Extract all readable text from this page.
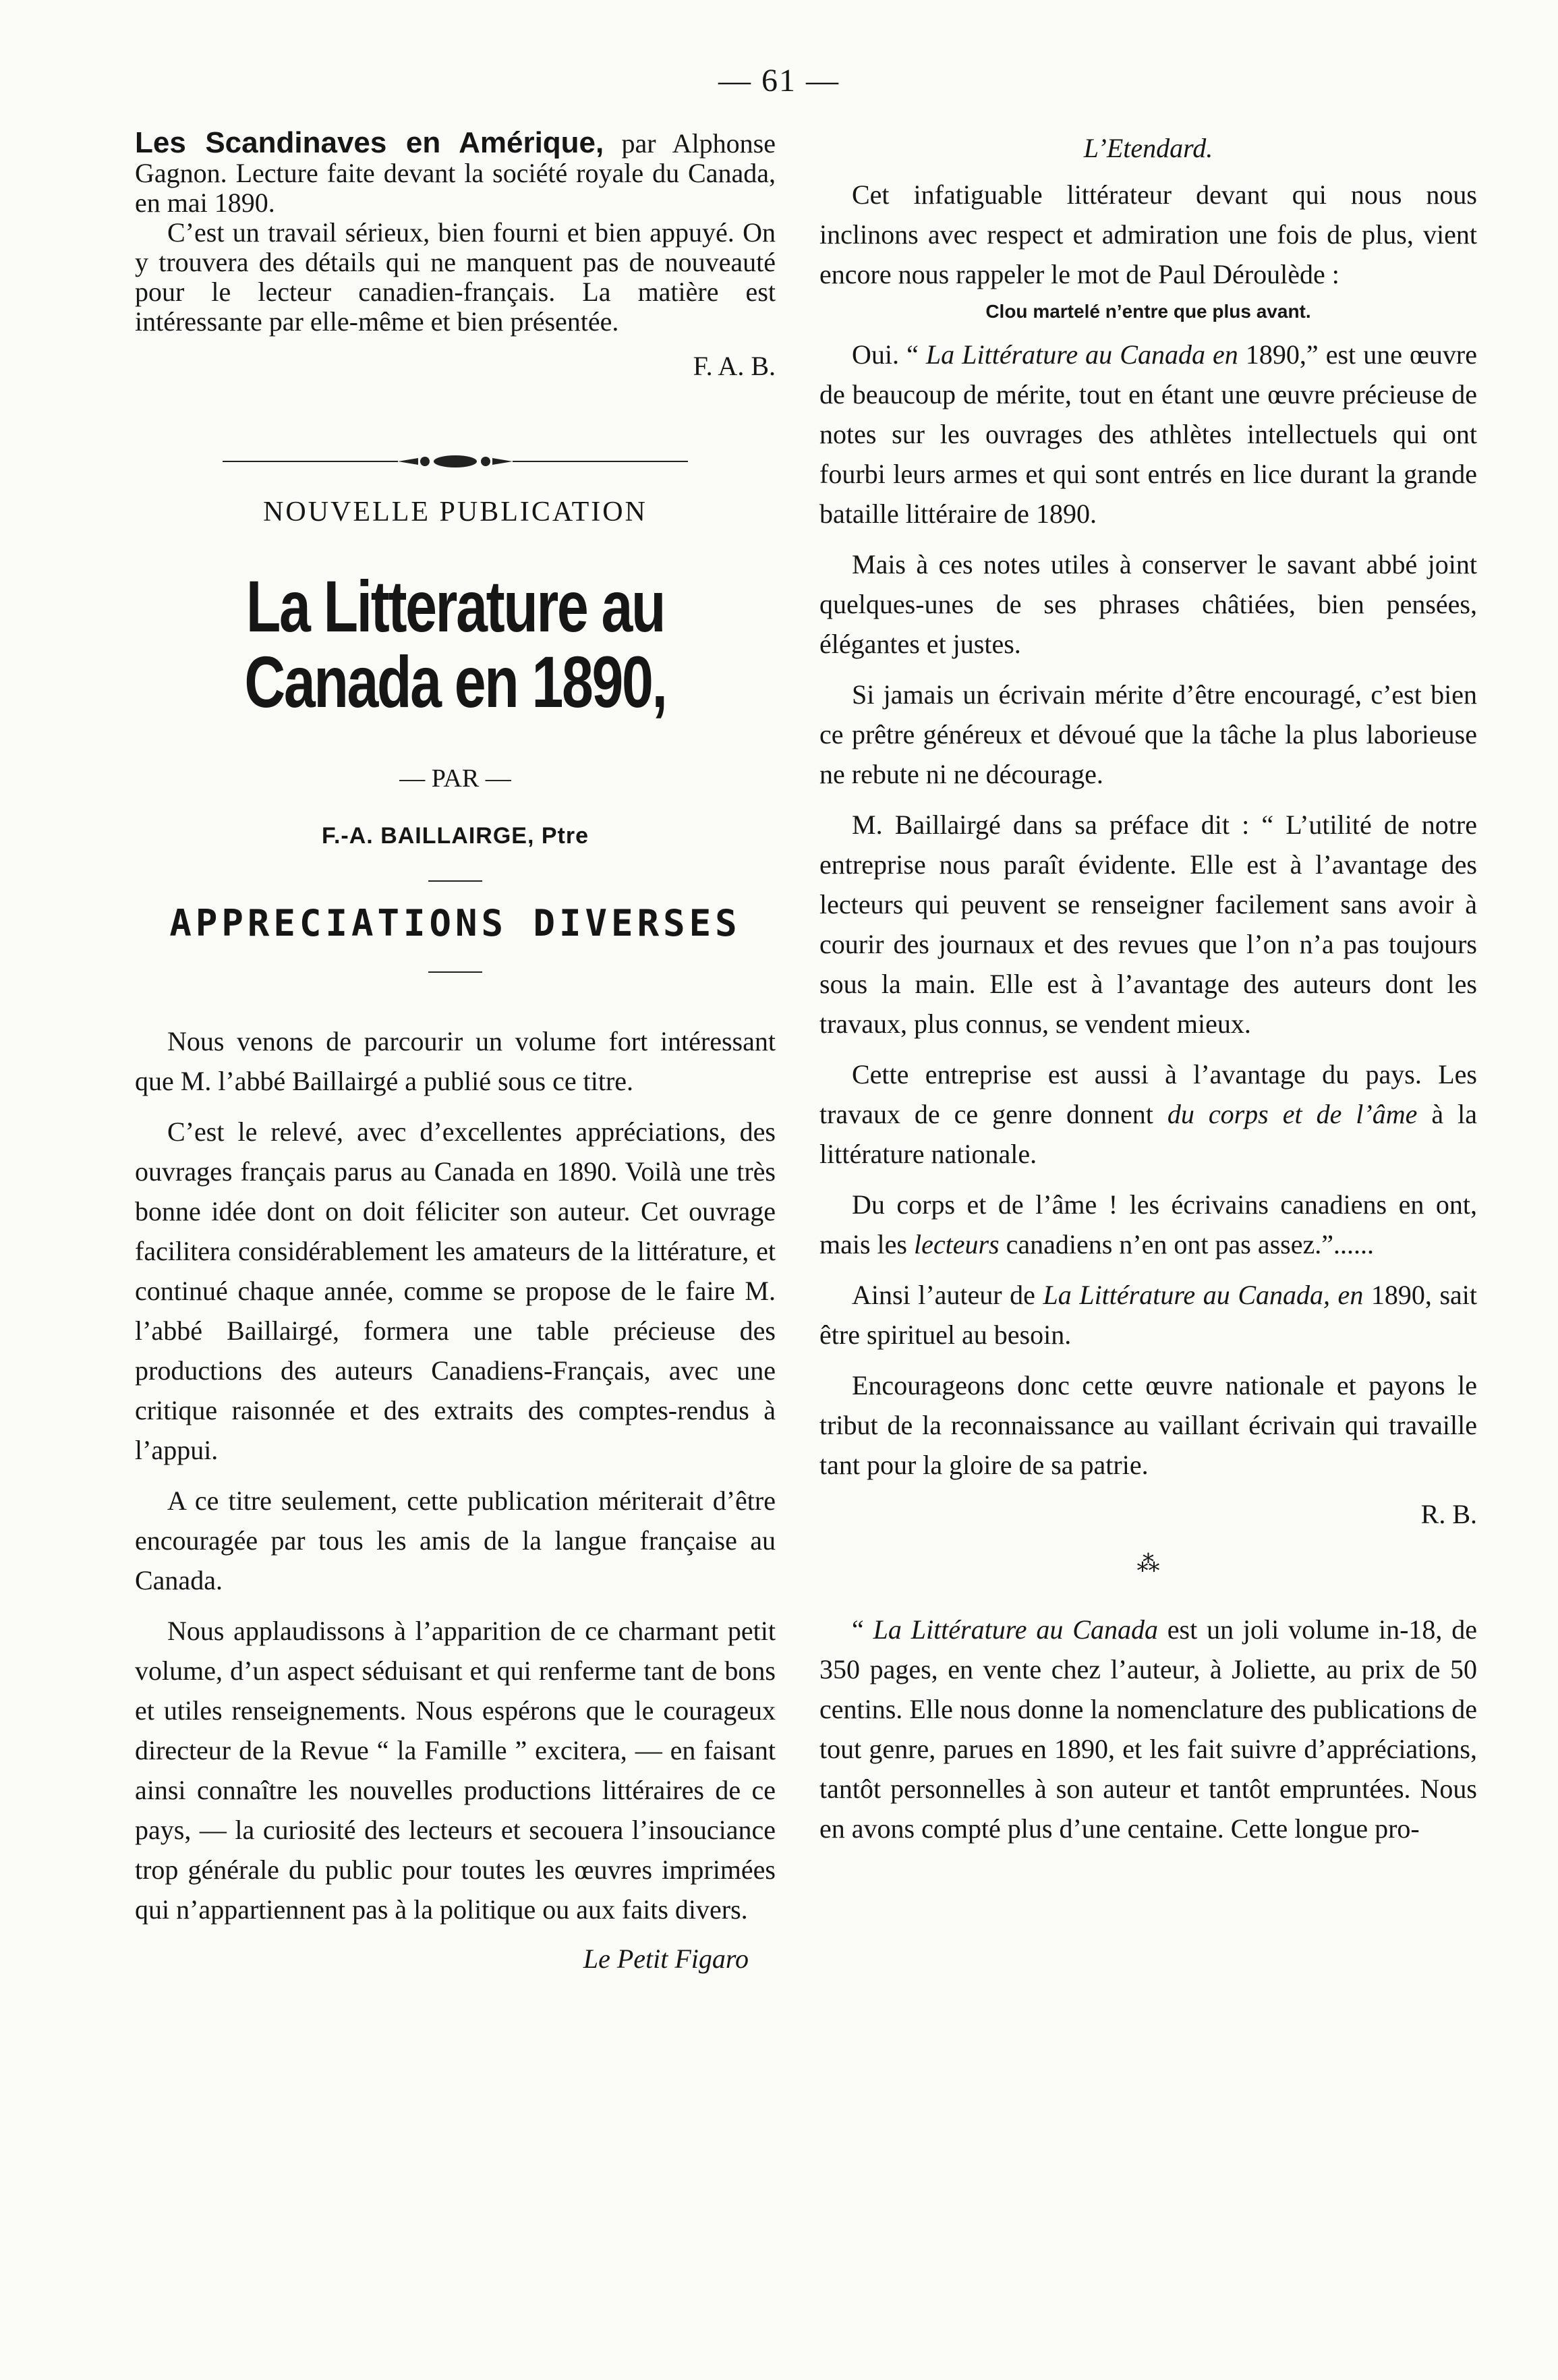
— 61 —

Les Scandinaves en Amérique, par Alphonse Gagnon. Lecture faite devant la société royale du Canada, en mai 1890.

C’est un travail sérieux, bien fourni et bien appuyé. On y trouvera des détails qui ne manquent pas de nouveauté pour le lecteur canadien-français. La matière est intéressante par elle-même et bien présentée.

F. A. B.
NOUVELLE PUBLICATION
La Litterature au Canada en 1890,
— PAR —
F.-A. BAILLAIRGE, Ptre
APPRECIATIONS DIVERSES

Nous venons de parcourir un volume fort intéressant que M. l’abbé Baillairgé a publié sous ce titre.

C’est le relevé, avec d’excellentes appréciations, des ouvrages français parus au Canada en 1890. Voilà une très bonne idée dont on doit féliciter son auteur. Cet ouvrage facilitera considérablement les amateurs de la littérature, et continué chaque année, comme se propose de le faire M. l’abbé Baillairgé, formera une table précieuse des productions des auteurs Canadiens-Français, avec une critique raisonnée et des extraits des comptes-rendus à l’appui.

A ce titre seulement, cette publication mériterait d’être encouragée par tous les amis de la langue française au Canada.

Nous applaudissons à l’apparition de ce charmant petit volume, d’un aspect séduisant et qui renferme tant de bons et utiles renseignements. Nous espérons que le courageux directeur de la Revue “ la Famille ” excitera, — en faisant ainsi connaître les nouvelles productions littéraires de ce pays, — la curiosité des lecteurs et secouera l’insouciance trop générale du public pour toutes les œuvres imprimées qui n’appartiennent pas à la politique ou aux faits divers.

Le Petit Figaro
L’Etendard.

Cet infatiguable littérateur devant qui nous nous inclinons avec respect et admiration une fois de plus, vient encore nous rappeler le mot de Paul Déroulède :

Clou martelé n’entre que plus avant.

Oui. “ La Littérature au Canada en 1890,” est une œuvre de beaucoup de mérite, tout en étant une œuvre précieuse de notes sur les ouvrages des athlètes intellectuels qui ont fourbi leurs armes et qui sont entrés en lice durant la grande bataille littéraire de 1890.

Mais à ces notes utiles à conserver le savant abbé joint quelques-unes de ses phrases châtiées, bien pensées, élégantes et justes.

Si jamais un écrivain mérite d’être encouragé, c’est bien ce prêtre généreux et dévoué que la tâche la plus laborieuse ne rebute ni ne décourage.

M. Baillairgé dans sa préface dit : “ L’utilité de notre entreprise nous paraît évidente. Elle est à l’avantage des lecteurs qui peuvent se renseigner facilement sans avoir à courir des journaux et des revues que l’on n’a pas toujours sous la main. Elle est à l’avantage des auteurs dont les travaux, plus connus, se vendent mieux.

Cette entreprise est aussi à l’avantage du pays. Les travaux de ce genre donnent du corps et de l’âme à la littérature nationale.

Du corps et de l’âme ! les écrivains canadiens en ont, mais les lecteurs canadiens n’en ont pas assez.”......

Ainsi l’auteur de La Littérature au Canada, en 1890, sait être spirituel au besoin.

Encourageons donc cette œuvre nationale et payons le tribut de la reconnaissance au vaillant écrivain qui travaille tant pour la gloire de sa patrie.

R. B.
⁂

“ La Littérature au Canada est un joli volume in-18, de 350 pages, en vente chez l’auteur, à Joliette, au prix de 50 centins. Elle nous donne la nomenclature des publications de tout genre, parues en 1890, et les fait suivre d’appréciations, tantôt personnelles à son auteur et tantôt empruntées. Nous en avons compté plus d’une centaine. Cette longue pro-
